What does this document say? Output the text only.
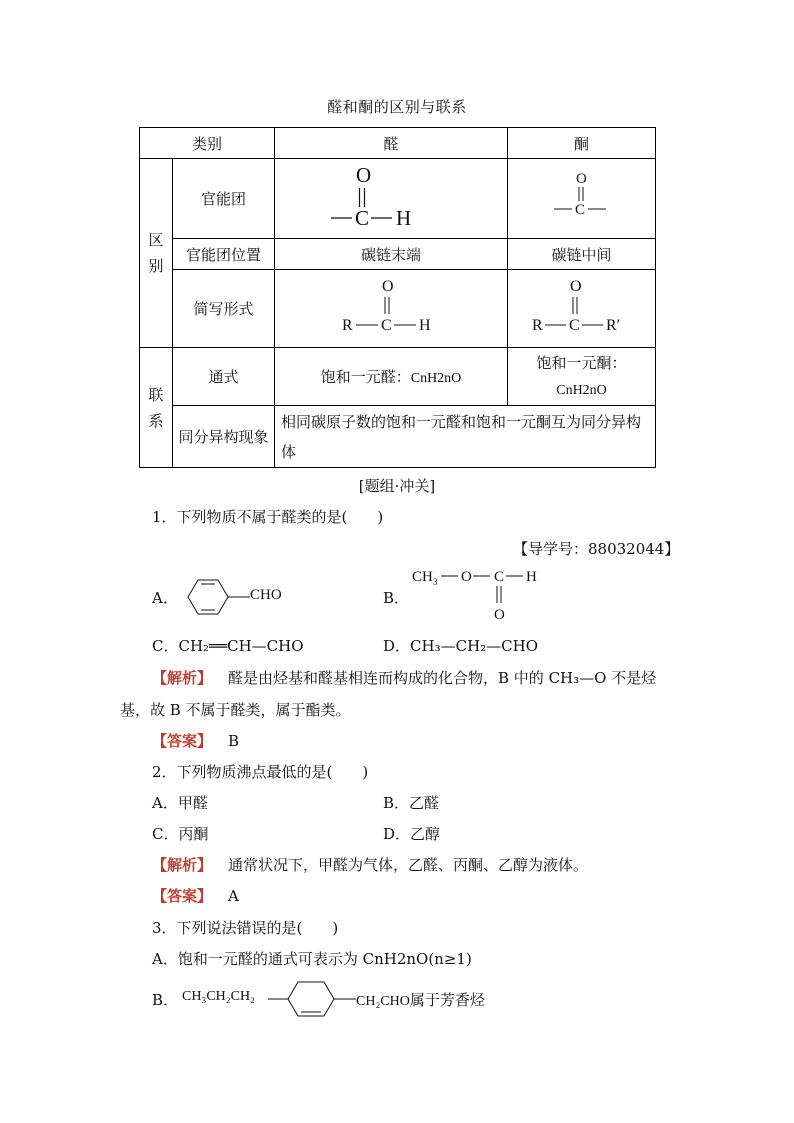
醛和酮的区别与联系
类别		醛	酮

区别	官能团	O
C H	O
C

	官能团位置	碳链末端	碳链中间
	简写形式	O
R C H	O
R C R′

联系	通式	饱和一元醛：CnH2nO	饱和一元酮：
CnH2nO

	同分异构现象	相同碳原子数的饱和一元醛和饱和一元酮互为同分异构体	
[题组·冲关]
1．下列物质不属于醛类的是(　　)
【导学号：88032044】
A．	CHO	B．
CH 3 O C H
O
C．CH₂══CH—CHO	D．CH₃—CH₂—CHO
【解析】 醛是由烃基和醛基相连而构成的化合物，B 中的 CH₃—O 不是烃
基，故 B 不属于醛类，属于酯类。
【答案】 B
2．下列物质沸点最低的是(　　)
A．甲醛	B．乙醛
C．丙酮	D．乙醇
【解析】 通常状况下，甲醛为气体，乙醛、丙酮、乙醇为液体。
【答案】 A
3．下列说法错误的是(　　)
A．饱和一元醛的通式可表示为 CnH2nO(n≥1)
B． CH₃CH₂CH₂	CH₂CHO属于芳香烃
